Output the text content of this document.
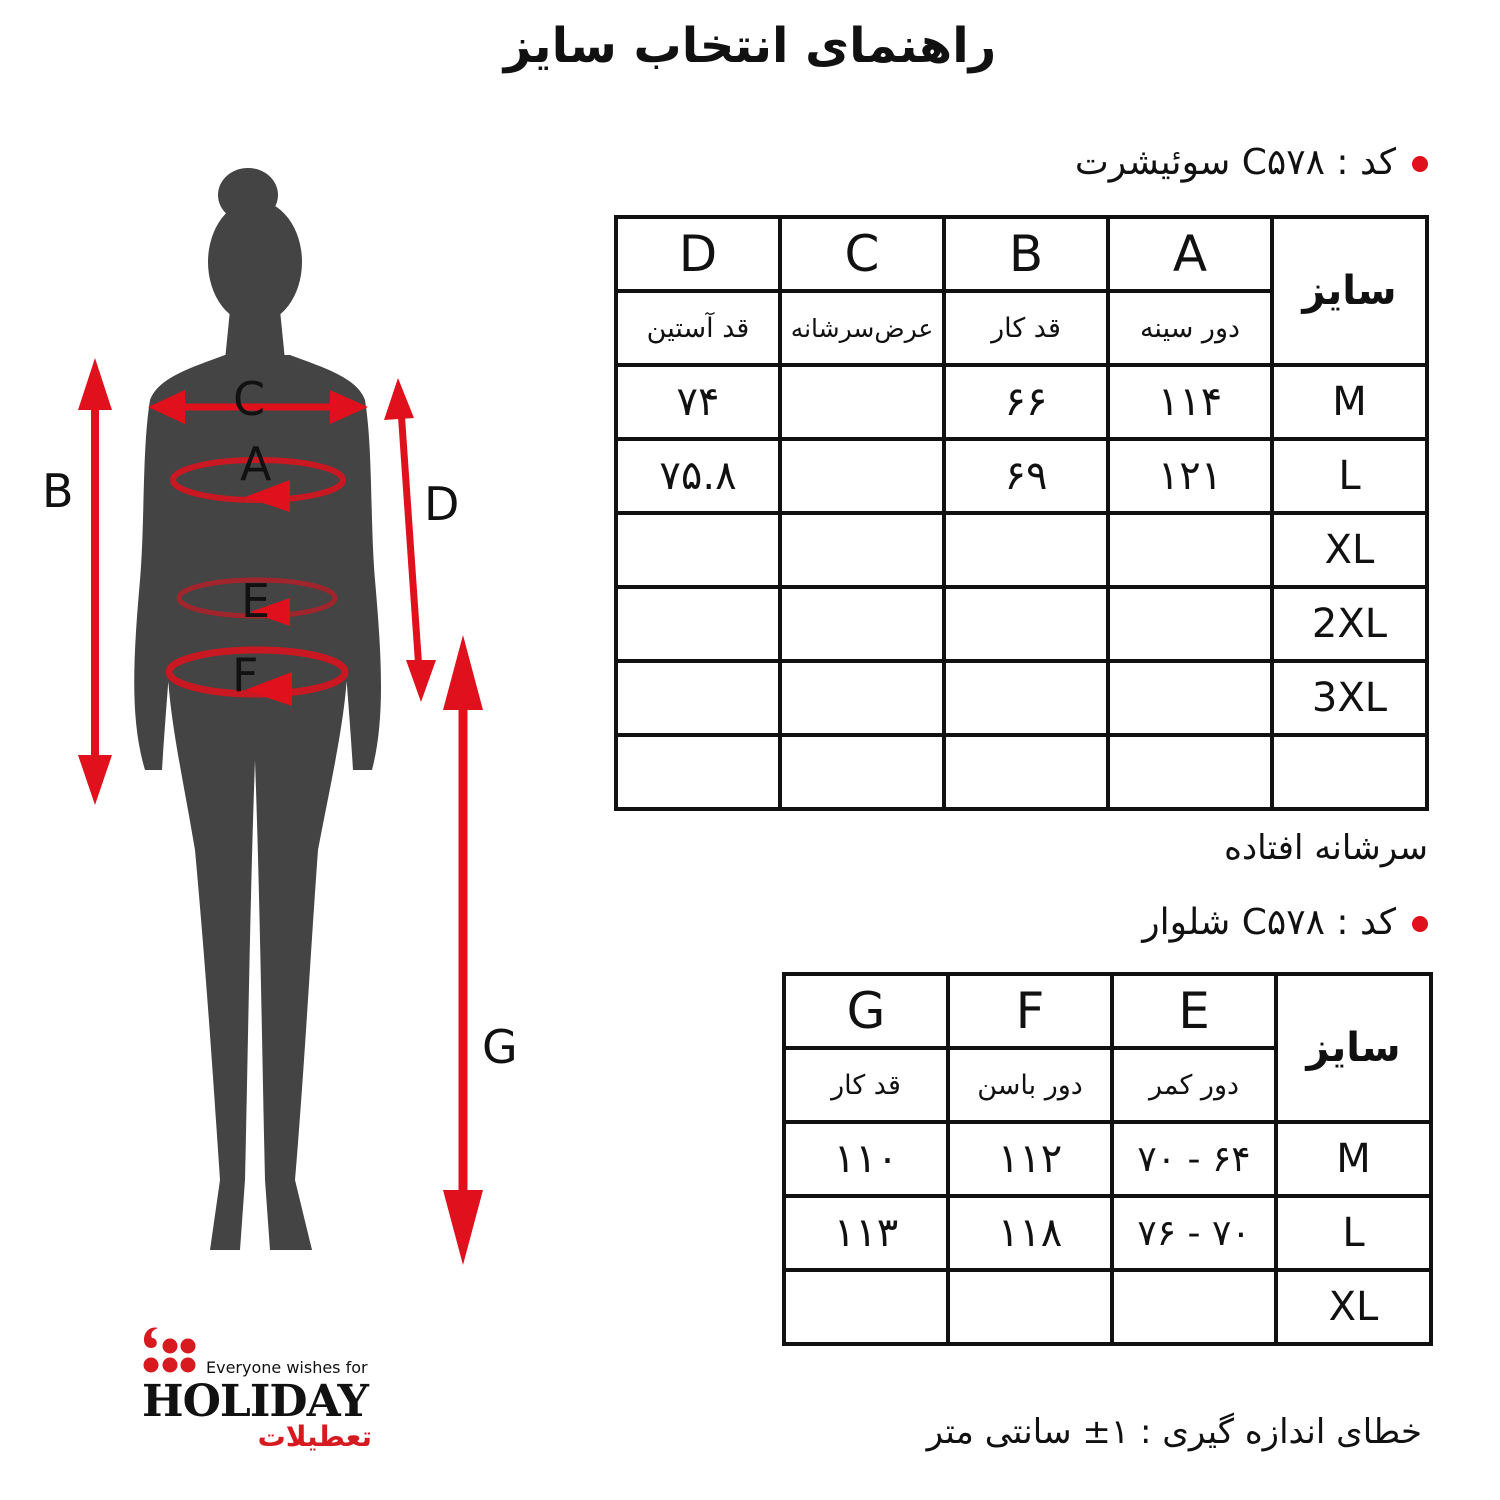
راهنمای انتخاب سایز
C
A
B	D
E
F
G
کد : C۵۷۸ سوئیشرت
D	C	B	A	سایز
قد آستین	عرض‌سرشانه	قد کار	دور سینه	
۷۴		۶۶	۱۱۴	M
۷۵.۸		۶۹	۱۲۱	L
				XL
				2XL
				3XL

سرشانه افتاده
کد : C۵۷۸ شلوار
G	F	E	سایز
قد کار	دور باسن	دور کمر	
۱۱۰	۱۱۲	۶۴ - ۷۰	M
۱۱۳	۱۱۸	۷۰ - ۷۶	L
			XL
خطای اندازه گیری : ۱± سانتی متر
Everyone wishes for
HOLIDAY
تعطیلات
